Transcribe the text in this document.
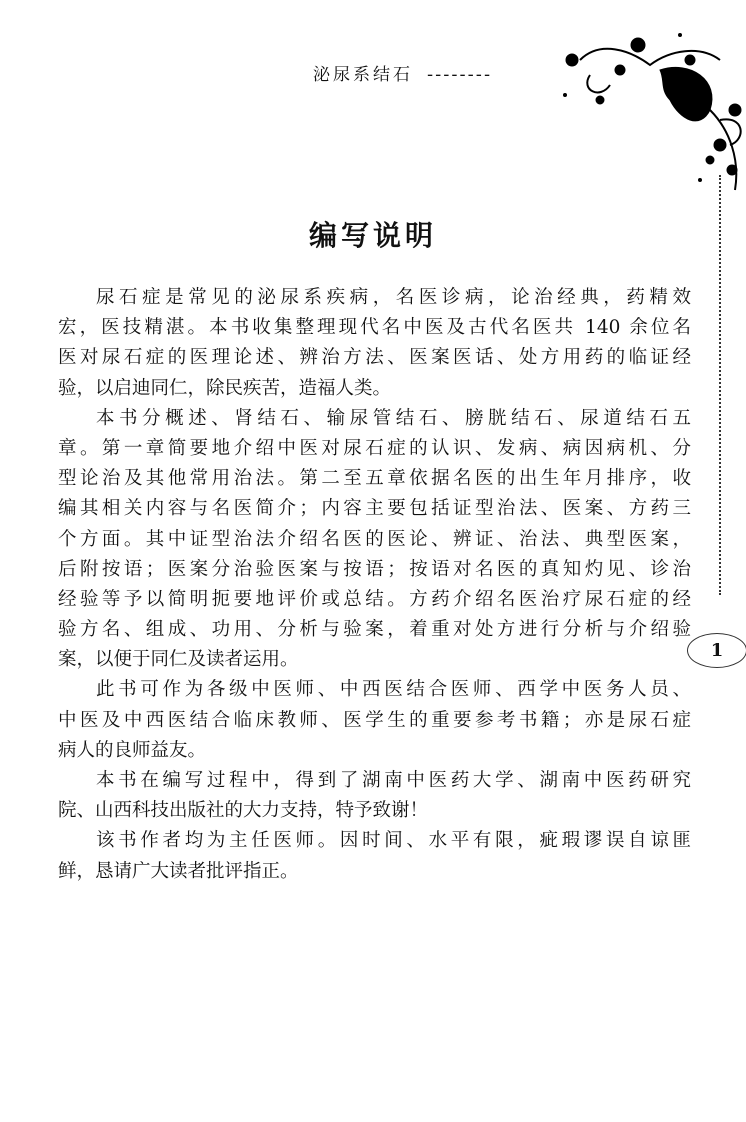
泌尿系结石 --------
编写说明
尿石症是常见的泌尿系疾病，名医诊病，论治经典，药精效
宏，医技精湛。本书收集整理现代名中医及古代名医共 140 余位名
医对尿石症的医理论述、辨治方法、医案医话、处方用药的临证经
验，以启迪同仁，除民疾苦，造福人类。
本书分概述、肾结石、输尿管结石、膀胱结石、尿道结石五
章。第一章简要地介绍中医对尿石症的认识、发病、病因病机、分
型论治及其他常用治法。第二至五章依据名医的出生年月排序，收
编其相关内容与名医简介；内容主要包括证型治法、医案、方药三
个方面。其中证型治法介绍名医的医论、辨证、治法、典型医案，
后附按语；医案分治验医案与按语；按语对名医的真知灼见、诊治
经验等予以简明扼要地评价或总结。方药介绍名医治疗尿石症的经
验方名、组成、功用、分析与验案，着重对处方进行分析与介绍验
案，以便于同仁及读者运用。
此书可作为各级中医师、中西医结合医师、西学中医务人员、
中医及中西医结合临床教师、医学生的重要参考书籍；亦是尿石症
病人的良师益友。
本书在编写过程中，得到了湖南中医药大学、湖南中医药研究
院、山西科技出版社的大力支持，特予致谢！
该书作者均为主任医师。因时间、水平有限，疵瑕谬误自谅匪
鲜，恳请广大读者批评指正。
1
